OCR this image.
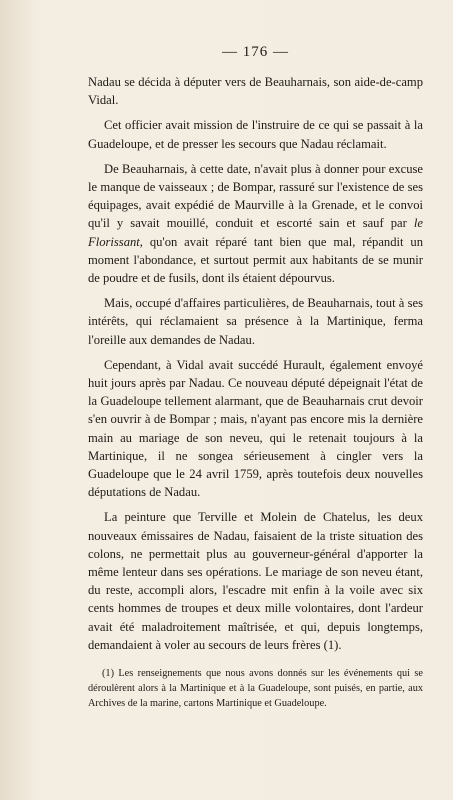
— 176 —

Nadau se décida à députer vers de Beauharnais, son aide-de-camp Vidal.

Cet officier avait mission de l'instruire de ce qui se passait à la Guadeloupe, et de presser les secours que Nadau réclamait.

De Beauharnais, à cette date, n'avait plus à donner pour excuse le manque de vaisseaux ; de Bompar, rassuré sur l'existence de ses équipages, avait expédié de Maurville à la Grenade, et le convoi qu'il y savait mouillé, conduit et escorté sain et sauf par le Florissant, qu'on avait réparé tant bien que mal, répandit un moment l'abondance, et surtout permit aux habitants de se munir de poudre et de fusils, dont ils étaient dépourvus.

Mais, occupé d'affaires particulières, de Beauharnais, tout à ses intérêts, qui réclamaient sa présence à la Martinique, ferma l'oreille aux demandes de Nadau.

Cependant, à Vidal avait succédé Hurault, également envoyé huit jours après par Nadau. Ce nouveau député dépeignait l'état de la Guadeloupe tellement alarmant, que de Beauharnais crut devoir s'en ouvrir à de Bompar ; mais, n'ayant pas encore mis la dernière main au mariage de son neveu, qui le retenait toujours à la Martinique, il ne songea sérieusement à cingler vers la Guadeloupe que le 24 avril 1759, après toutefois deux nouvelles députations de Nadau.

La peinture que Terville et Molein de Chatelus, les deux nouveaux émissaires de Nadau, faisaient de la triste situation des colons, ne permettait plus au gouverneur-général d'apporter la même lenteur dans ses opérations. Le mariage de son neveu étant, du reste, accompli alors, l'escadre mit enfin à la voile avec six cents hommes de troupes et deux mille volontaires, dont l'ardeur avait été maladroitement maîtrisée, et qui, depuis longtemps, demandaient à voler au secours de leurs frères (1).

(1) Les renseignements que nous avons donnés sur les événements qui se déroulèrent alors à la Martinique et à la Guadeloupe, sont puisés, en partie, aux Archives de la marine, cartons Martinique et Guadeloupe.
